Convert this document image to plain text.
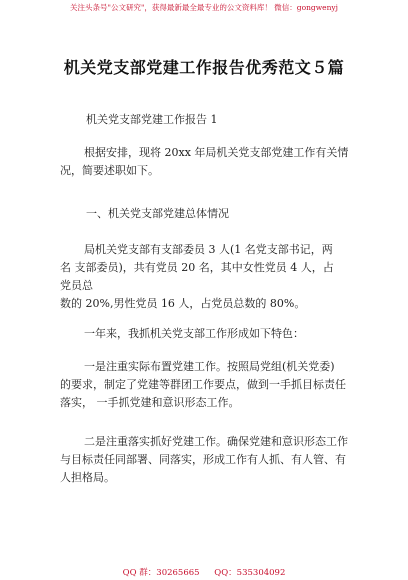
关注头条号"公文研究"，获得最新最全最专业的公文资料库！ 微信：gongwenyj
机关党支部党建工作报告优秀范文５篇
机关党支部党建工作报告 1
根据安排，现将 20xx 年局机关党支部党建工作有关情
况，简要述职如下。
一、机关党支部党建总体情况
局机关党支部有支部委员 3 人(1 名党支部书记，两
名 支部委员)，共有党员 20 名，其中女性党员 4 人，占
党员总
数的 20%,男性党员 16 人，占党员总数的 80%。
一年来，我抓机关党支部工作形成如下特色：
一是注重实际布置党建工作。按照局党组(机关党委)
的要求，制定了党建等群团工作要点，做到一手抓目标责任
落实， 一手抓党建和意识形态工作。
二是注重落实抓好党建工作。确保党建和意识形态工作
与目标责任同部署、同落实，形成工作有人抓、有人管、有
人担格局。
QQ 群：30265665 QQ：535304092
